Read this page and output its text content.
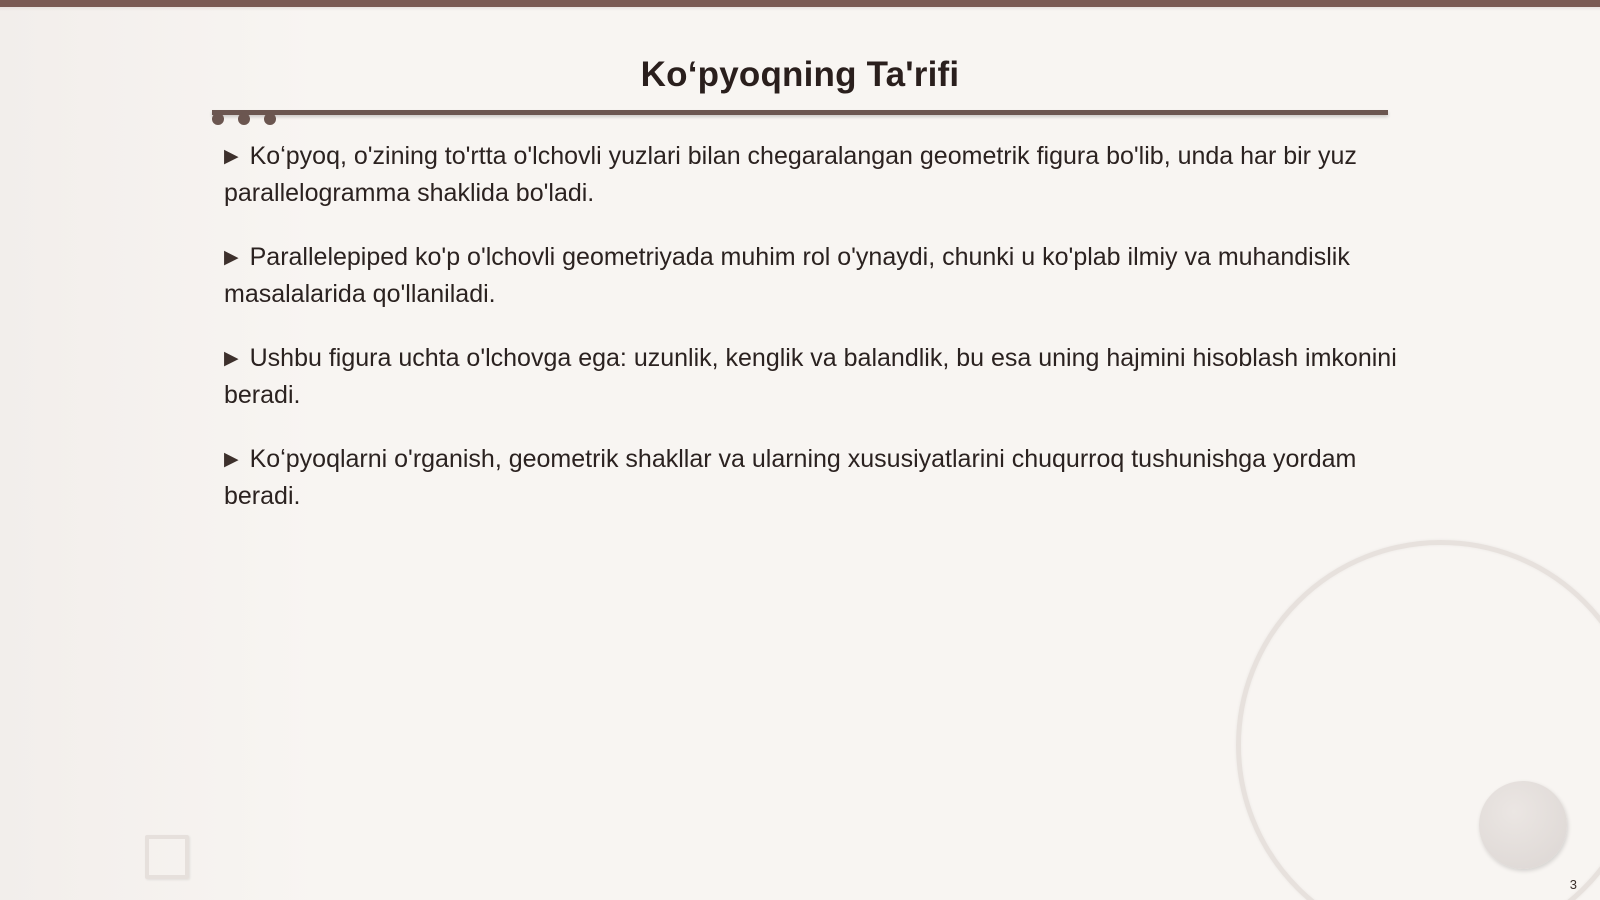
Koʻpyoqning Ta'rifi
▶ Koʻpyoq, o'zining to'rtta o'lchovli yuzlari bilan chegaralangan geometrik figura bo'lib, unda har bir yuz parallelogramma shaklida bo'ladi.
▶ Parallelepiped ko'p o'lchovli geometriyada muhim rol o'ynaydi, chunki u ko'plab ilmiy va muhandislik masalalarida qo'llaniladi.
▶ Ushbu figura uchta o'lchovga ega: uzunlik, kenglik va balandlik, bu esa uning hajmini hisoblash imkonini beradi.
▶ Koʻpyoqlarni o'rganish, geometrik shakllar va ularning xususiyatlarini chuqurroq tushunishga yordam beradi.
3
